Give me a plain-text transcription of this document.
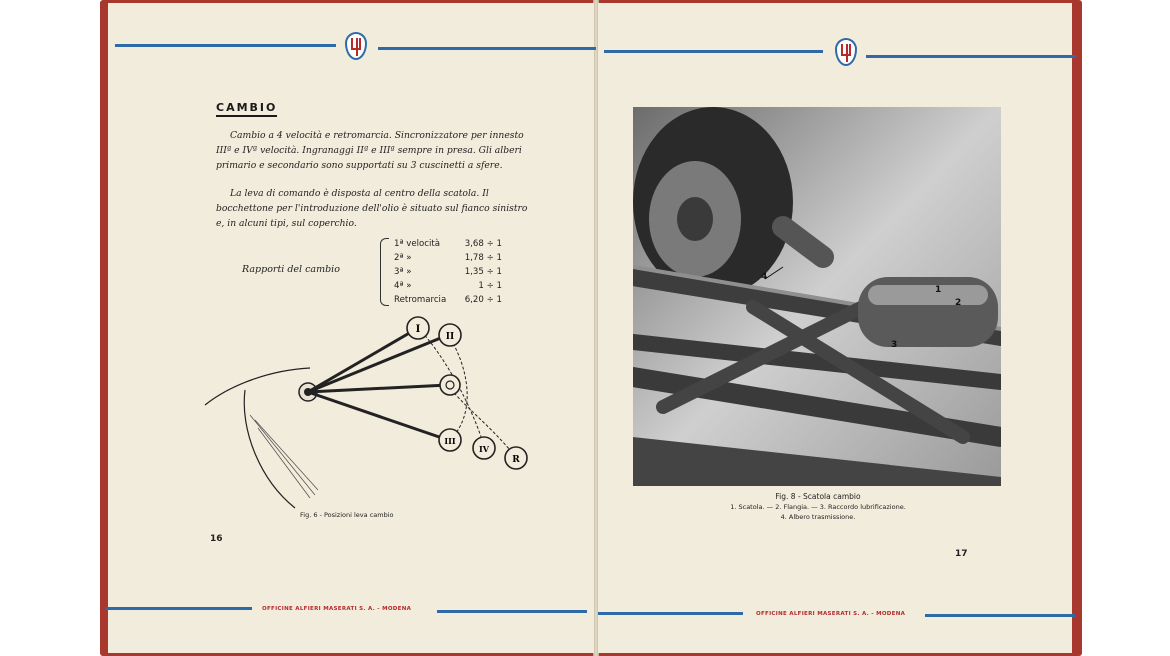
CAMBIO

Cambio a 4 velocità e retromarcia. Sincronizzatore per innesto IIIª e IVª velocità. Ingranaggi IIª e IIIª sempre in presa. Gli alberi primario e secondario sono supportati su 3 cuscinetti a sfere.

La leva di comando è disposta al centro della scatola. Il bocchettone per l'introduzione dell'olio è situato sul fianco sinistro e, in alcuni tipi, sul coperchio.

Rapporti del cambio
1ª velocità	3,68 ÷ 1
2ª »	1,78 ÷ 1
3ª »	1,35 ÷ 1
4ª »	1 ÷ 1
Retromarcia	6,20 ÷ 1
I
II
III
IV
R
Fig. 6 - Posizioni leva cambio
16
OFFICINE ALFIERI MASERATI S. A. - MODENA
1
2
3
4
Fig. 8 - Scatola cambio
1. Scatola. — 2. Flangia. — 3. Raccordo lubrificazione.
4. Albero trasmissione.
17
OFFICINE ALFIERI MASERATI S. A. - MODENA
